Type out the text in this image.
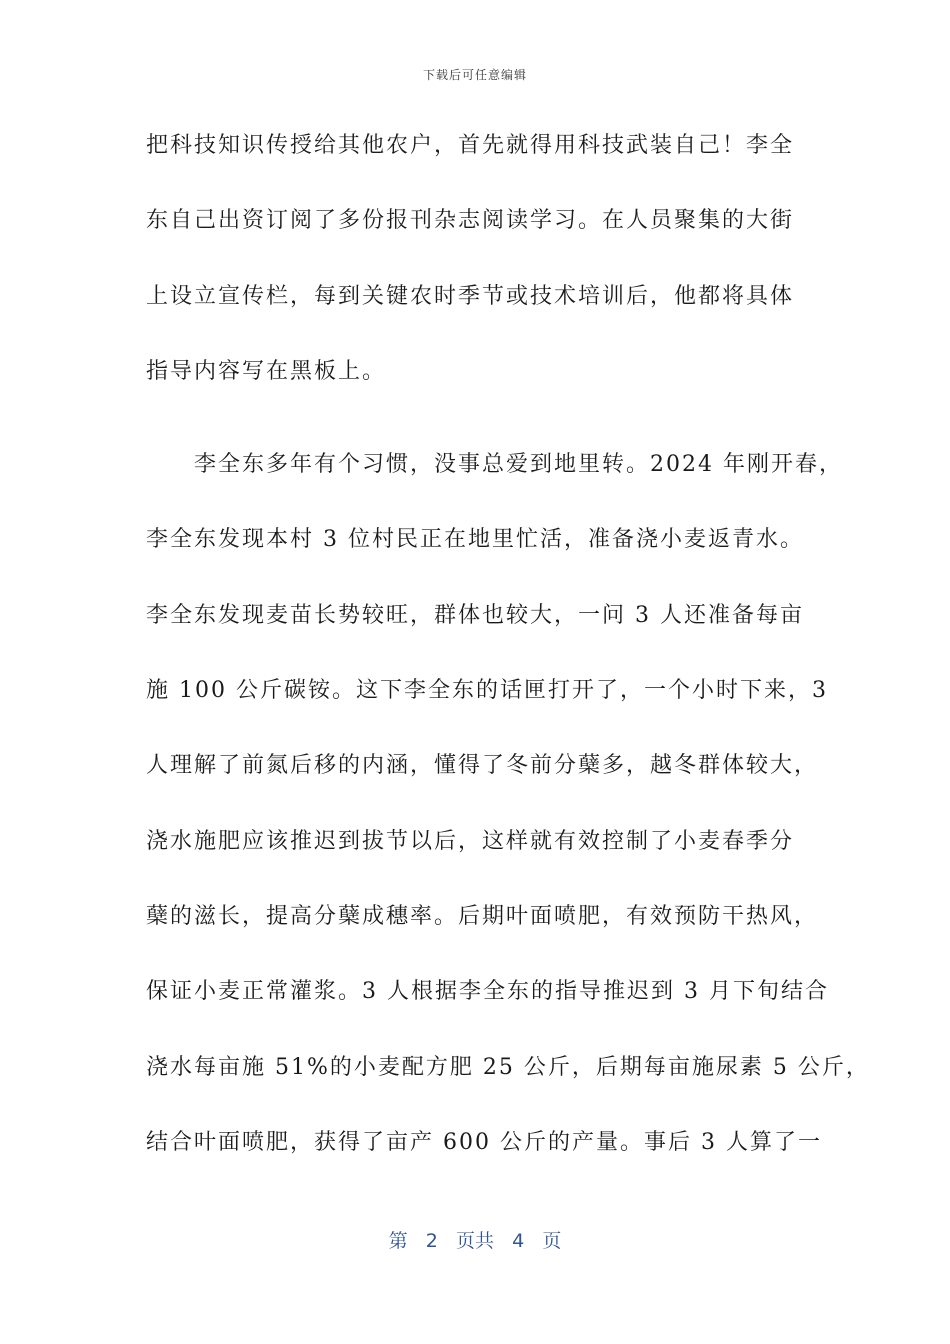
下载后可任意编辑
把科技知识传授给其他农户，首先就得用科技武装自己！李全
东自己出资订阅了多份报刊杂志阅读学习。在人员聚集的大街
上设立宣传栏，每到关键农时季节或技术培训后，他都将具体
指导内容写在黑板上。
　　李全东多年有个习惯，没事总爱到地里转。2024 年刚开春，
李全东发现本村 3 位村民正在地里忙活，准备浇小麦返青水。
李全东发现麦苗长势较旺，群体也较大，一问 3 人还准备每亩
施 100 公斤碳铵。这下李全东的话匣打开了，一个小时下来，3
人理解了前氮后移的内涵，懂得了冬前分蘖多，越冬群体较大，
浇水施肥应该推迟到拔节以后，这样就有效控制了小麦春季分
蘖的滋长，提高分蘖成穗率。后期叶面喷肥，有效预防干热风，
保证小麦正常灌浆。3 人根据李全东的指导推迟到 3 月下旬结合
浇水每亩施 51%的小麦配方肥 25 公斤，后期每亩施尿素 5 公斤，
结合叶面喷肥，获得了亩产 600 公斤的产量。事后 3 人算了一
第 2 页共 4 页
